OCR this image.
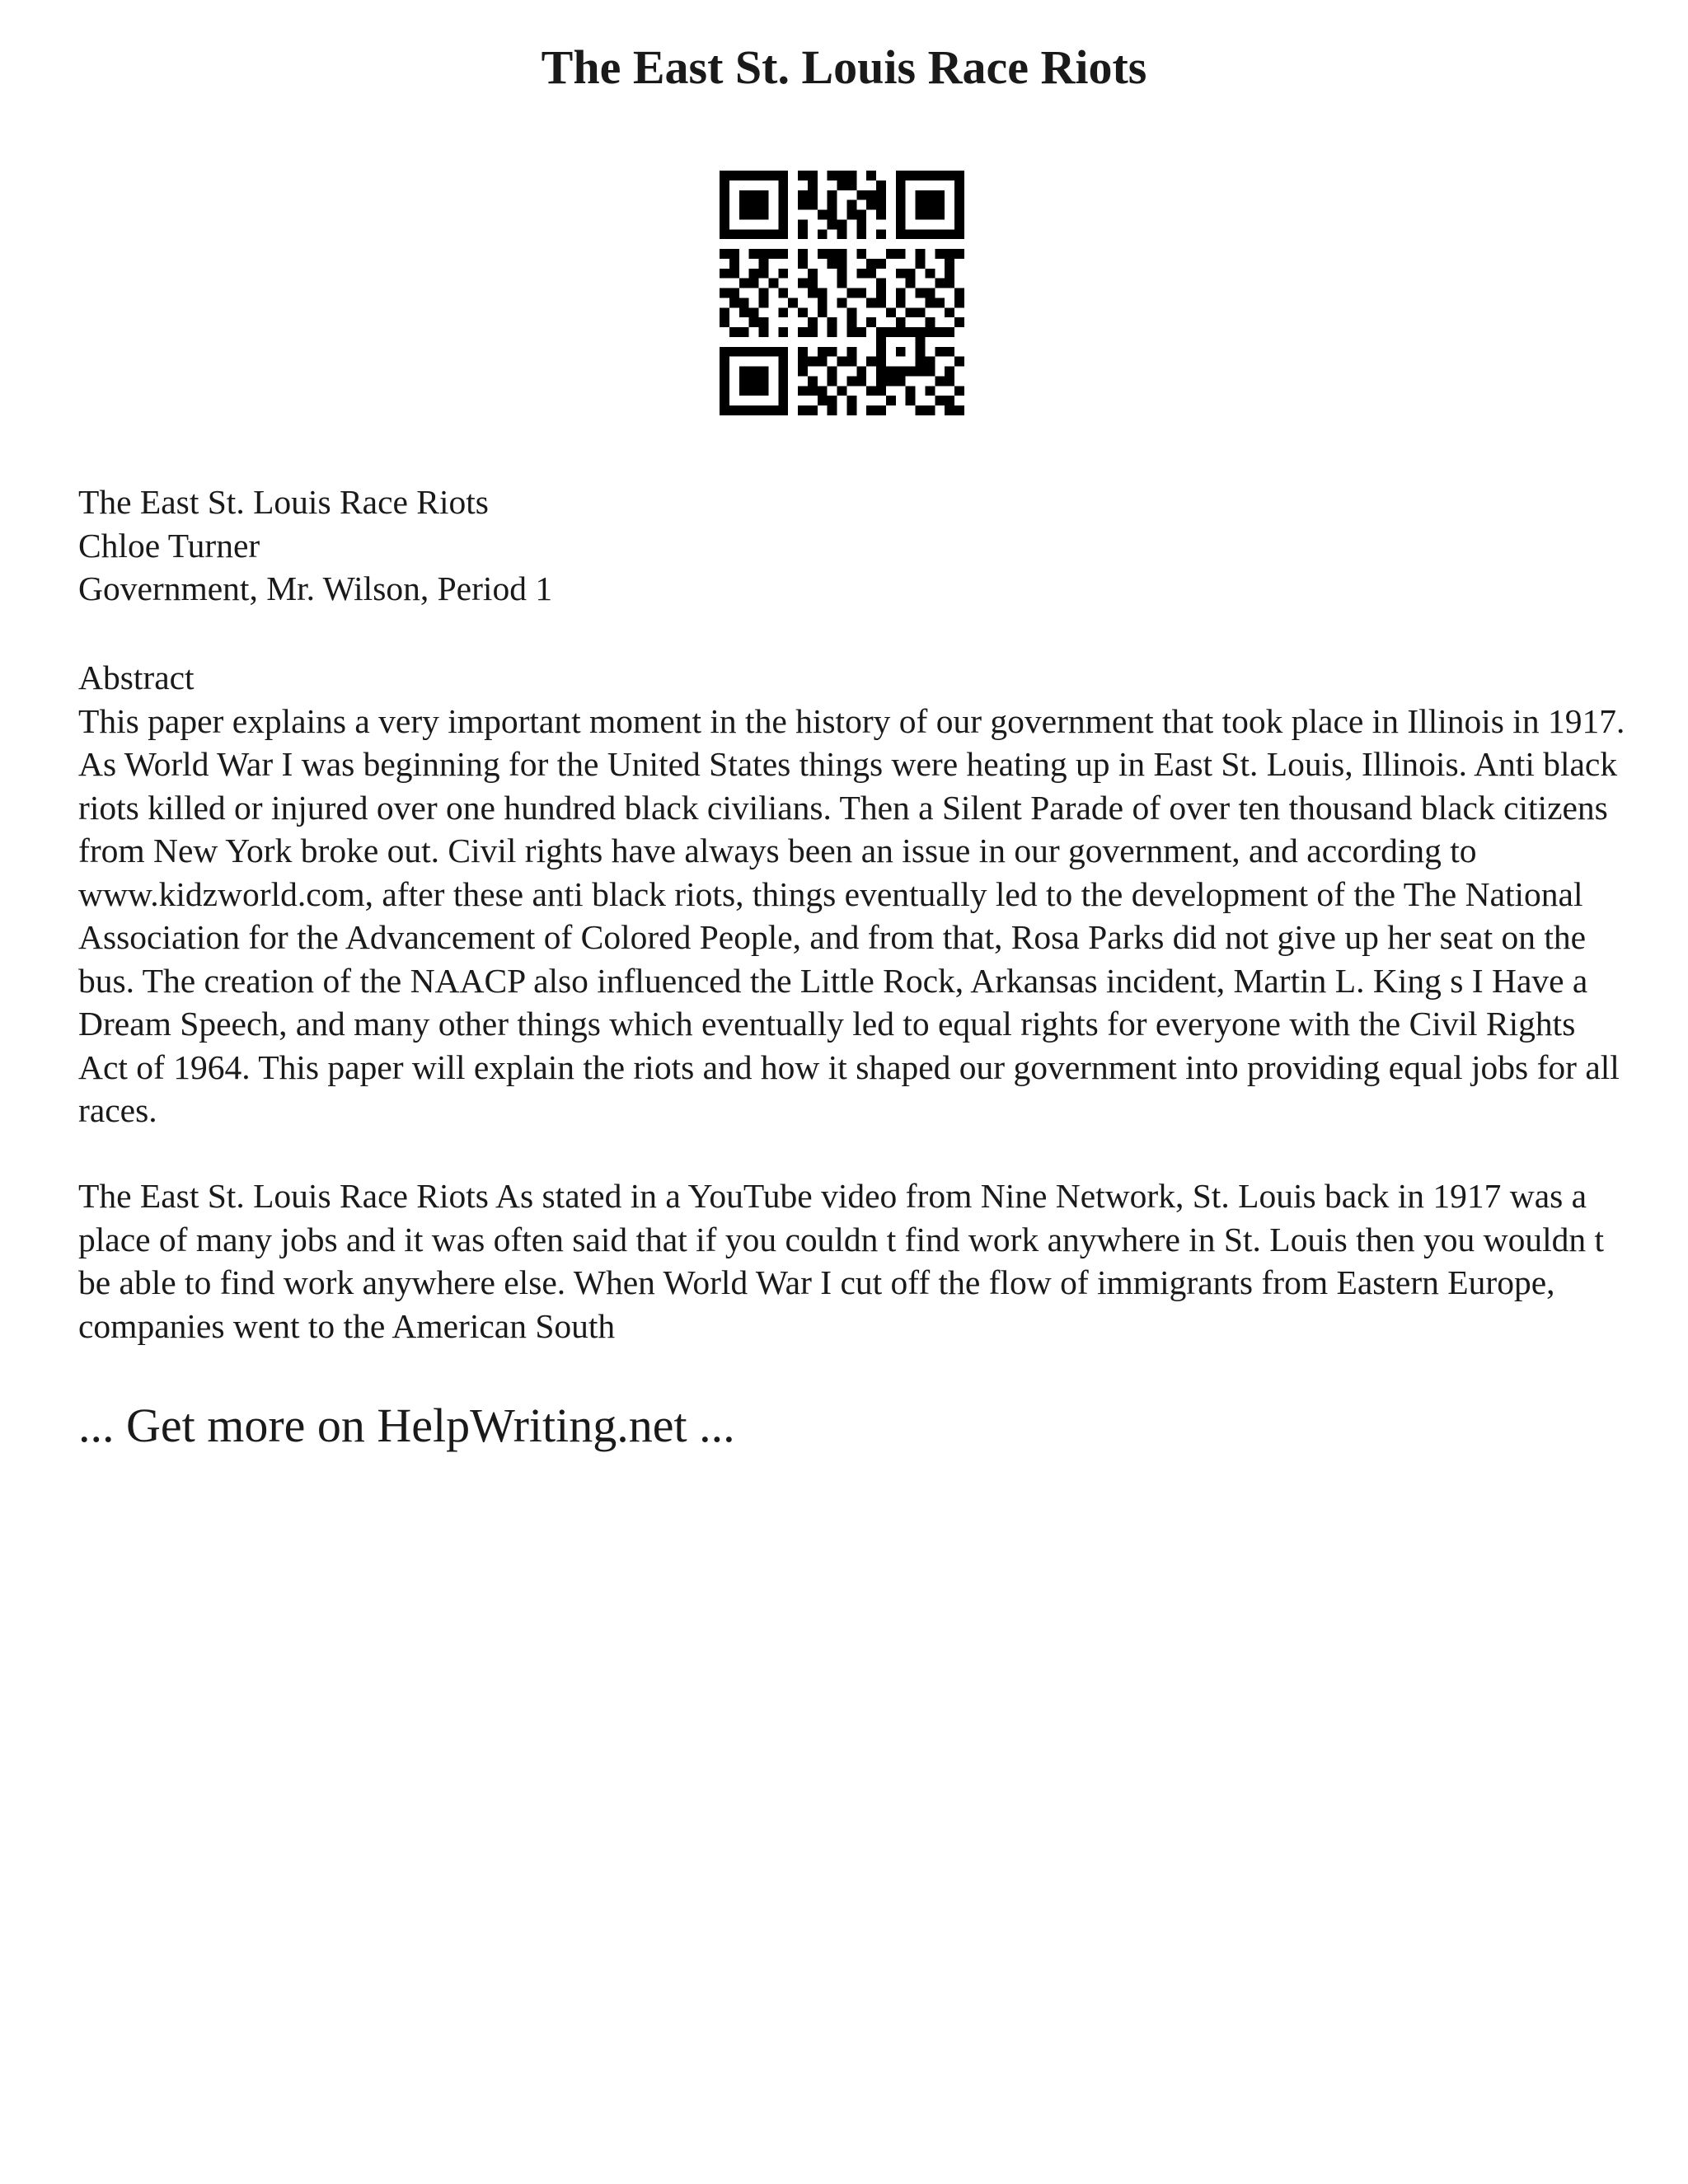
The East St. Louis Race Riots
The East St. Louis Race Riots
Chloe Turner
Government, Mr. Wilson, Period 1
Abstract
This paper explains a very important moment in the history of our government that took place in Illinois in 1917. As World War I was beginning for the United States things were heating up in East St. Louis, Illinois. Anti black riots killed or injured over one hundred black civilians. Then a Silent Parade of over ten thousand black citizens from New York broke out. Civil rights have always been an issue in our government, and according to www.kidzworld.com, after these anti black riots, things eventually led to the development of the The National Association for the Advancement of Colored People, and from that, Rosa Parks did not give up her seat on the bus. The creation of the NAACP also influenced the Little Rock, Arkansas incident, Martin L. King s I Have a Dream Speech, and many other things which eventually led to equal rights for everyone with the Civil Rights Act of 1964. This paper will explain the riots and how it shaped our government into providing equal jobs for all races.
The East St. Louis Race Riots As stated in a YouTube video from Nine Network, St. Louis back in 1917 was a place of many jobs and it was often said that if you couldn t find work anywhere in St. Louis then you wouldn t be able to find work anywhere else. When World War I cut off the flow of immigrants from Eastern Europe, companies went to the American South
... Get more on HelpWriting.net ...
